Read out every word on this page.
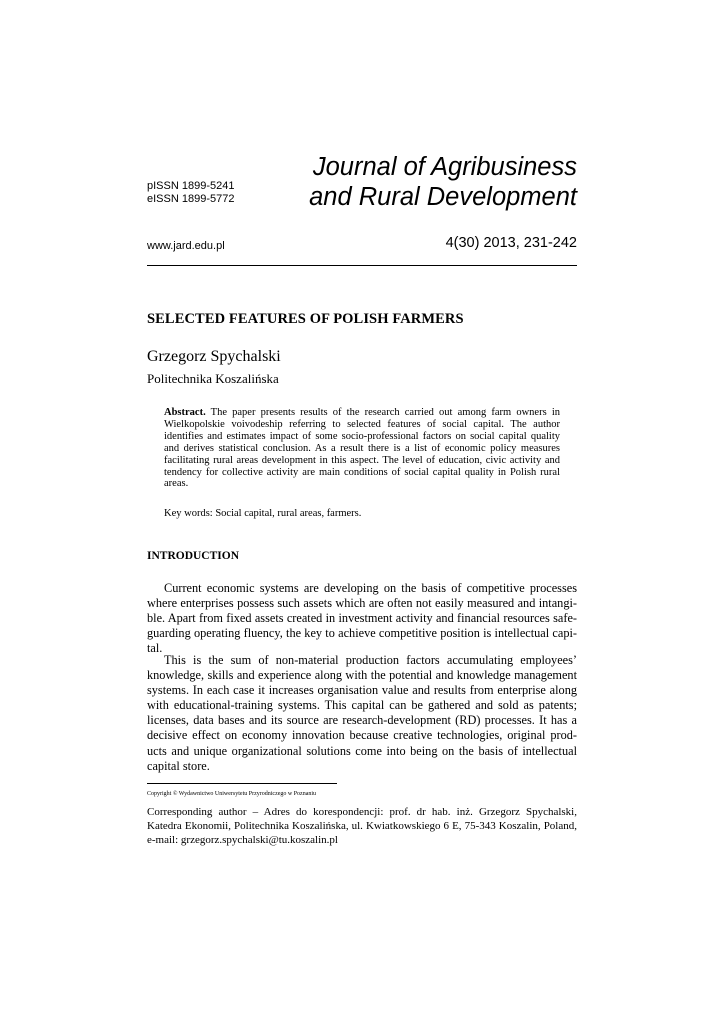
pISSN 1899-5241
eISSN 1899-5772
Journal of Agribusiness
and Rural Development
www.jard.edu.pl	4(30) 2013, 231-242
SELECTED FEATURES OF POLISH FARMERS
Grzegorz Spychalski
Politechnika Koszalińska
Abstract. The paper presents results of the research carried out among farm owners in Wielkopolskie voivodeship referring to selected features of social capital. The author identifies and estimates impact of some socio-professional factors on social capital quality and derives statistical conclusion. As a result there is a list of economic policy measures facilitating rural areas development in this aspect. The level of education, civic activity and tendency for collective activity are main conditions of social capital quality in Polish rural areas.
Key words: Social capital, rural areas, farmers.
INTRODUCTION

Current economic systems are developing on the basis of competitive processes where enterprises possess such assets which are often not easily measured and intangi-ble. Apart from fixed assets created in investment activity and financial resources safe-guarding operating fluency, the key to achieve competitive position is intellectual capi-tal.

This is the sum of non-material production factors accumulating employees’ knowledge, skills and experience along with the potential and knowledge management systems. In each case it increases organisation value and results from enterprise along with educational-training systems. This capital can be gathered and sold as patents; licenses, data bases and its source are research-development (RD) processes. It has a decisive effect on economy innovation because creative technologies, original prod-ucts and unique organizational solutions come into being on the basis of intellectual capital store.

Copyright © Wydawnictwo Uniwersytetu Przyrodniczego w Poznaniu

Corresponding author – Adres do korespondencji: prof. dr hab. inż. Grzegorz Spychalski, Katedra Ekonomii, Politechnika Koszalińska, ul. Kwiatkowskiego 6 E, 75-343 Koszalin, Poland, e-mail: grzegorz.spychalski@tu.koszalin.pl
